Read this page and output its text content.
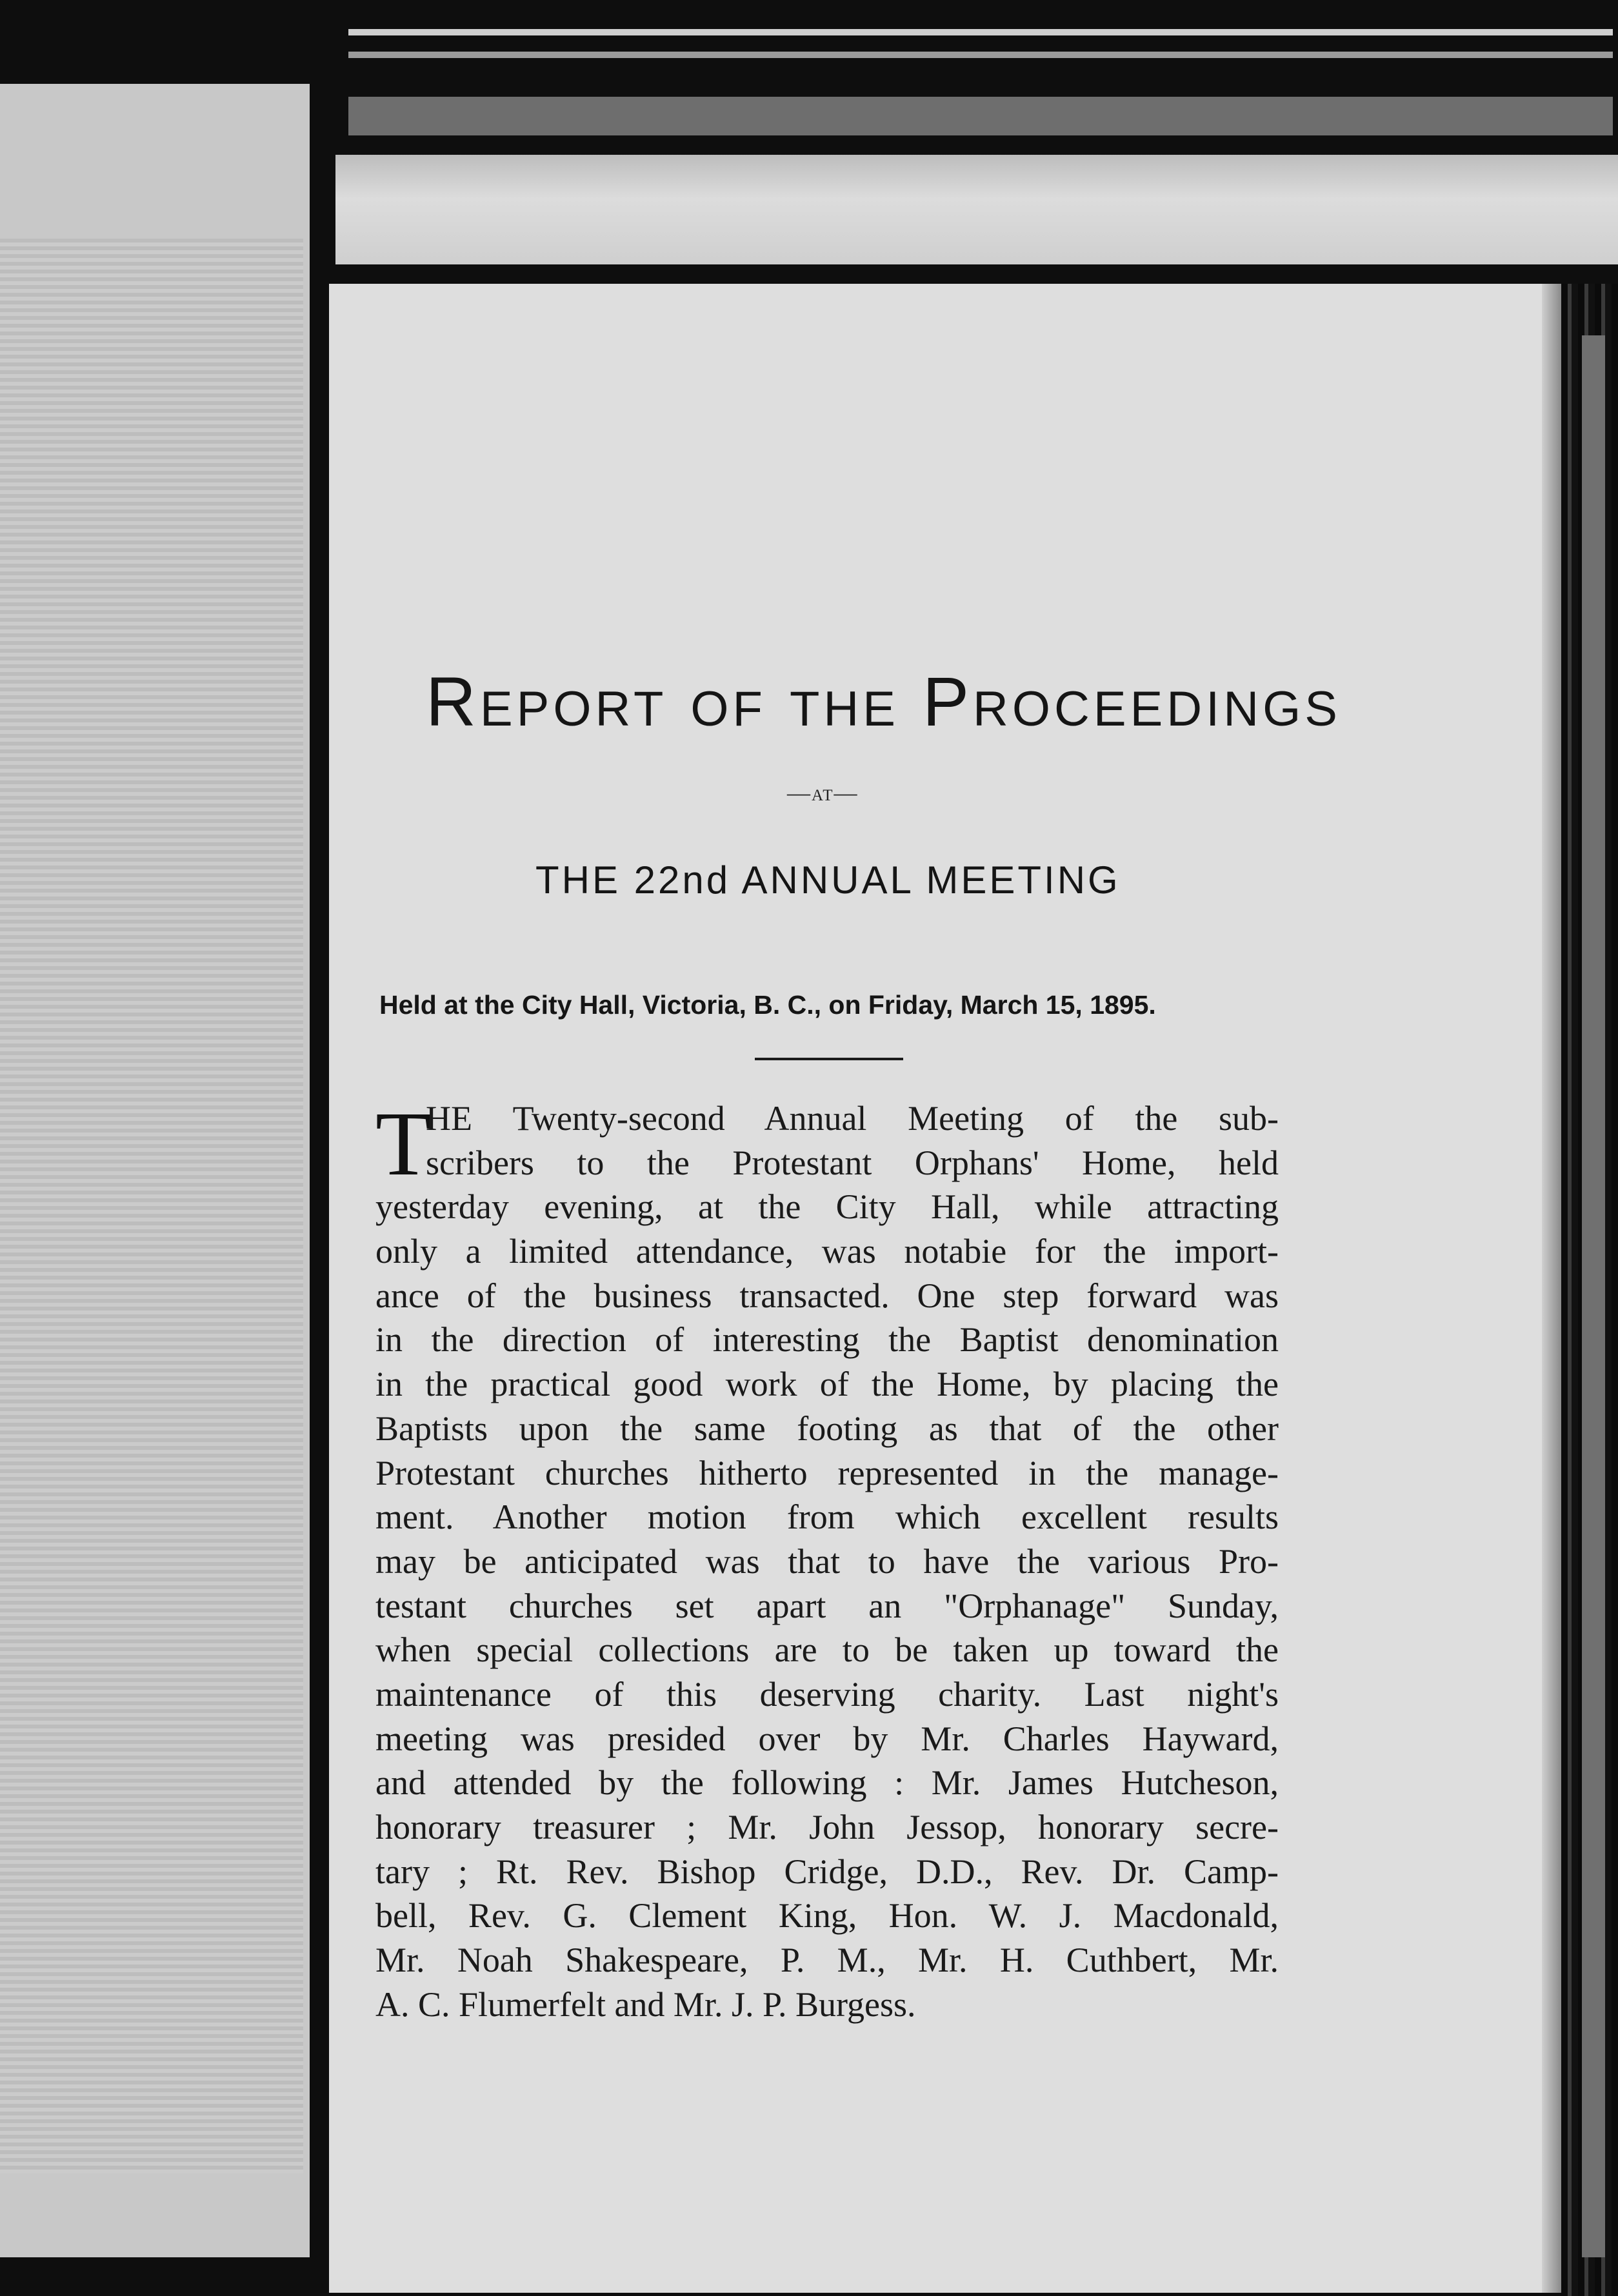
Report of the Proceedings
—at—
THE 22nd ANNUAL MEETING
Held at the City Hall, Victoria, B. C., on Friday, March 15, 1895.
T
HE Twenty-second Annual Meeting of the sub-
scribers to the Protestant Orphans' Home, held
yesterday evening, at the City Hall, while attracting
only a limited attendance, was notabie for the import-
ance of the business transacted. One step forward was
in the direction of interesting the Baptist denomination
in the practical good work of the Home, by placing the
Baptists upon the same footing as that of the other
Protestant churches hitherto represented in the manage-
ment. Another motion from which excellent results
may be anticipated was that to have the various Pro-
testant churches set apart an "Orphanage" Sunday,
when special collections are to be taken up toward the
maintenance of this deserving charity. Last night's
meeting was presided over by Mr. Charles Hayward,
and attended by the following : Mr. James Hutcheson,
honorary treasurer ; Mr. John Jessop, honorary secre-
tary ; Rt. Rev. Bishop Cridge, D.D., Rev. Dr. Camp-
bell, Rev. G. Clement King, Hon. W. J. Macdonald,
Mr. Noah Shakespeare, P. M., Mr. H. Cuthbert, Mr.
A. C. Flumerfelt and Mr. J. P. Burgess.
